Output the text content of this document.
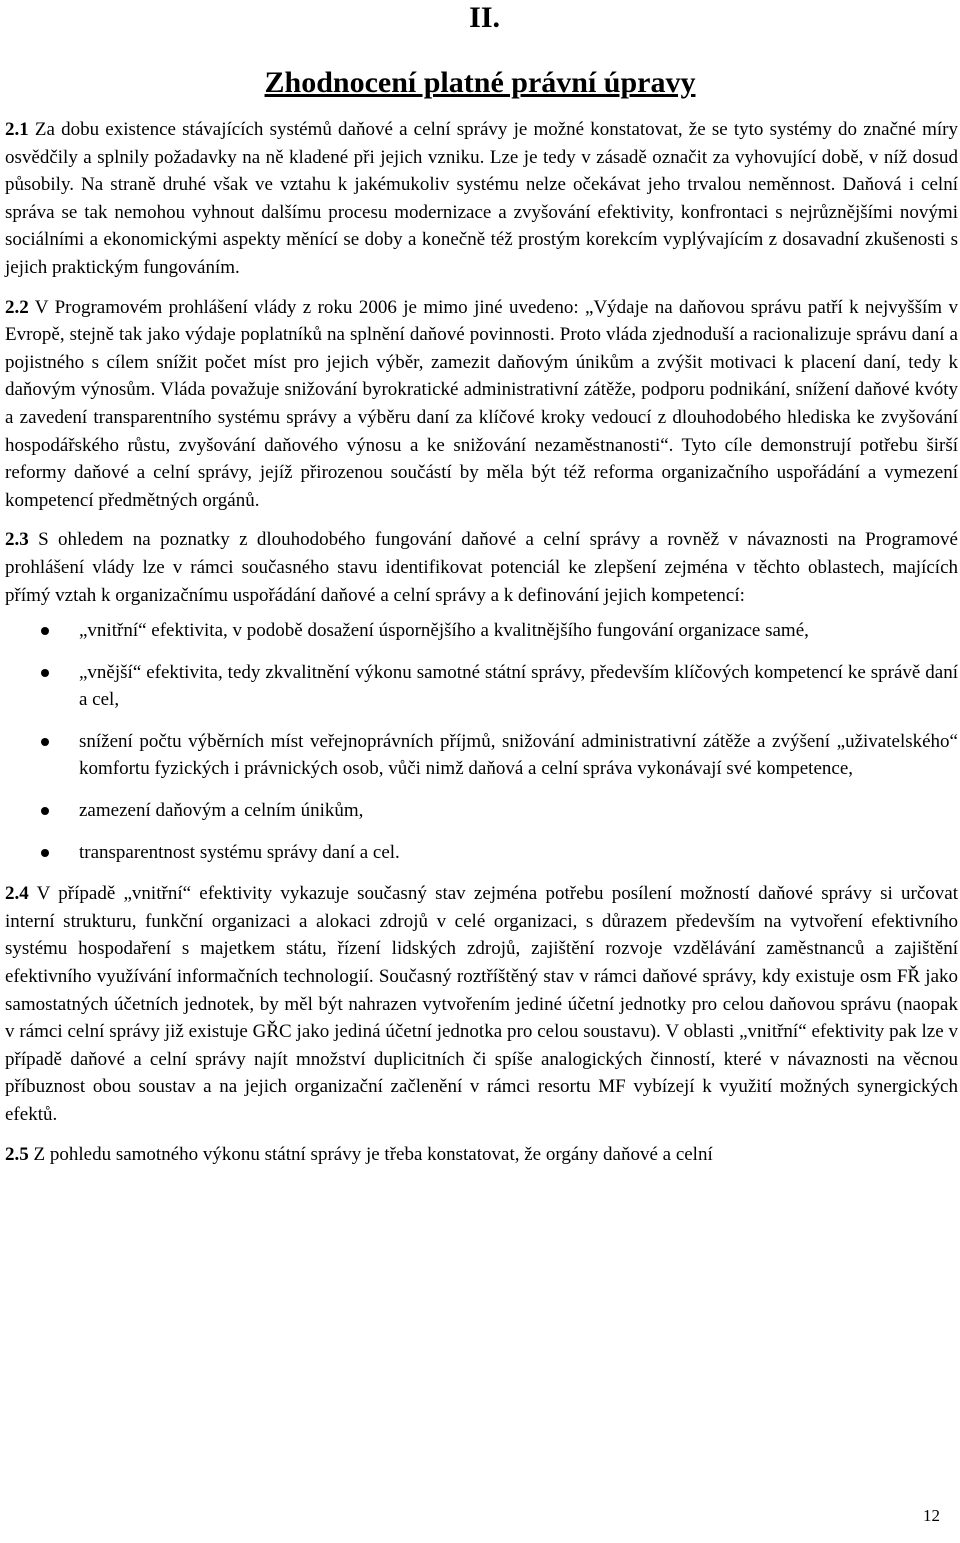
II.
Zhodnocení platné právní úpravy

2.1 Za dobu existence stávajících systémů daňové a celní správy je možné konstatovat, že se tyto systémy do značné míry osvědčily a splnily požadavky na ně kladené při jejich vzniku. Lze je tedy v zásadě označit za vyhovující době, v níž dosud působily. Na straně druhé však ve vztahu k jakémukoliv systému nelze očekávat jeho trvalou neměnnost. Daňová i celní správa se tak nemohou vyhnout dalšímu procesu modernizace a zvyšování efektivity, konfrontaci s nejrůznějšími novými sociálními a ekonomickými aspekty měnící se doby a konečně též prostým korekcím vyplývajícím z dosavadní zkušenosti s jejich praktickým fungováním.

2.2 V Programovém prohlášení vlády z roku 2006 je mimo jiné uvedeno: „Výdaje na daňovou správu patří k nejvyšším v Evropě, stejně tak jako výdaje poplatníků na splnění daňové povinnosti. Proto vláda zjednoduší a racionalizuje správu daní a pojistného s cílem snížit počet míst pro jejich výběr, zamezit daňovým únikům a zvýšit motivaci k placení daní, tedy k daňovým výnosům. Vláda považuje snižování byrokratické administrativní zátěže, podporu podnikání, snížení daňové kvóty a zavedení transparentního systému správy a výběru daní za klíčové kroky vedoucí z dlouhodobého hlediska ke zvyšování hospodářského růstu, zvyšování daňového výnosu a ke snižování nezaměstnanosti“. Tyto cíle demonstrují potřebu širší reformy daňové a celní správy, jejíž přirozenou součástí by měla být též reforma organizačního uspořádání a vymezení kompetencí předmětných orgánů.

2.3 S ohledem na poznatky z dlouhodobého fungování daňové a celní správy a rovněž v návaznosti na Programové prohlášení vlády lze v rámci současného stavu identifikovat potenciál ke zlepšení zejména v těchto oblastech, majících přímý vztah k organizačnímu uspořádání daňové a celní správy a k definování jejich kompetencí:

„vnitřní“ efektivita, v podobě dosažení úspornějšího a kvalitnějšího fungování organizace samé,
„vnější“ efektivita, tedy zkvalitnění výkonu samotné státní správy, především klíčových kompetencí ke správě daní a cel,
snížení počtu výběrních míst veřejnoprávních příjmů, snižování administrativní zátěže a zvýšení „uživatelského“ komfortu fyzických i právnických osob, vůči nimž daňová a celní správa vykonávají své kompetence,
zamezení daňovým a celním únikům,
transparentnost systému správy daní a cel.

2.4 V případě „vnitřní“ efektivity vykazuje současný stav zejména potřebu posílení možností daňové správy si určovat interní strukturu, funkční organizaci a alokaci zdrojů v celé organizaci, s důrazem především na vytvoření efektivního systému hospodaření s majetkem státu, řízení lidských zdrojů, zajištění rozvoje vzdělávání zaměstnanců a zajištění efektivního využívání informačních technologií. Současný roztříštěný stav v rámci daňové správy, kdy existuje osm FŘ jako samostatných účetních jednotek, by měl být nahrazen vytvořením jediné účetní jednotky pro celou daňovou správu (naopak v rámci celní správy již existuje GŘC jako jediná účetní jednotka pro celou soustavu). V oblasti „vnitřní“ efektivity pak lze v případě daňové a celní správy najít množství duplicitních či spíše analogických činností, které v návaznosti na věcnou příbuznost obou soustav a na jejich organizační začlenění v rámci resortu MF vybízejí k využití možných synergických efektů.

2.5 Z pohledu samotného výkonu státní správy je třeba konstatovat, že orgány daňové a celní

12
